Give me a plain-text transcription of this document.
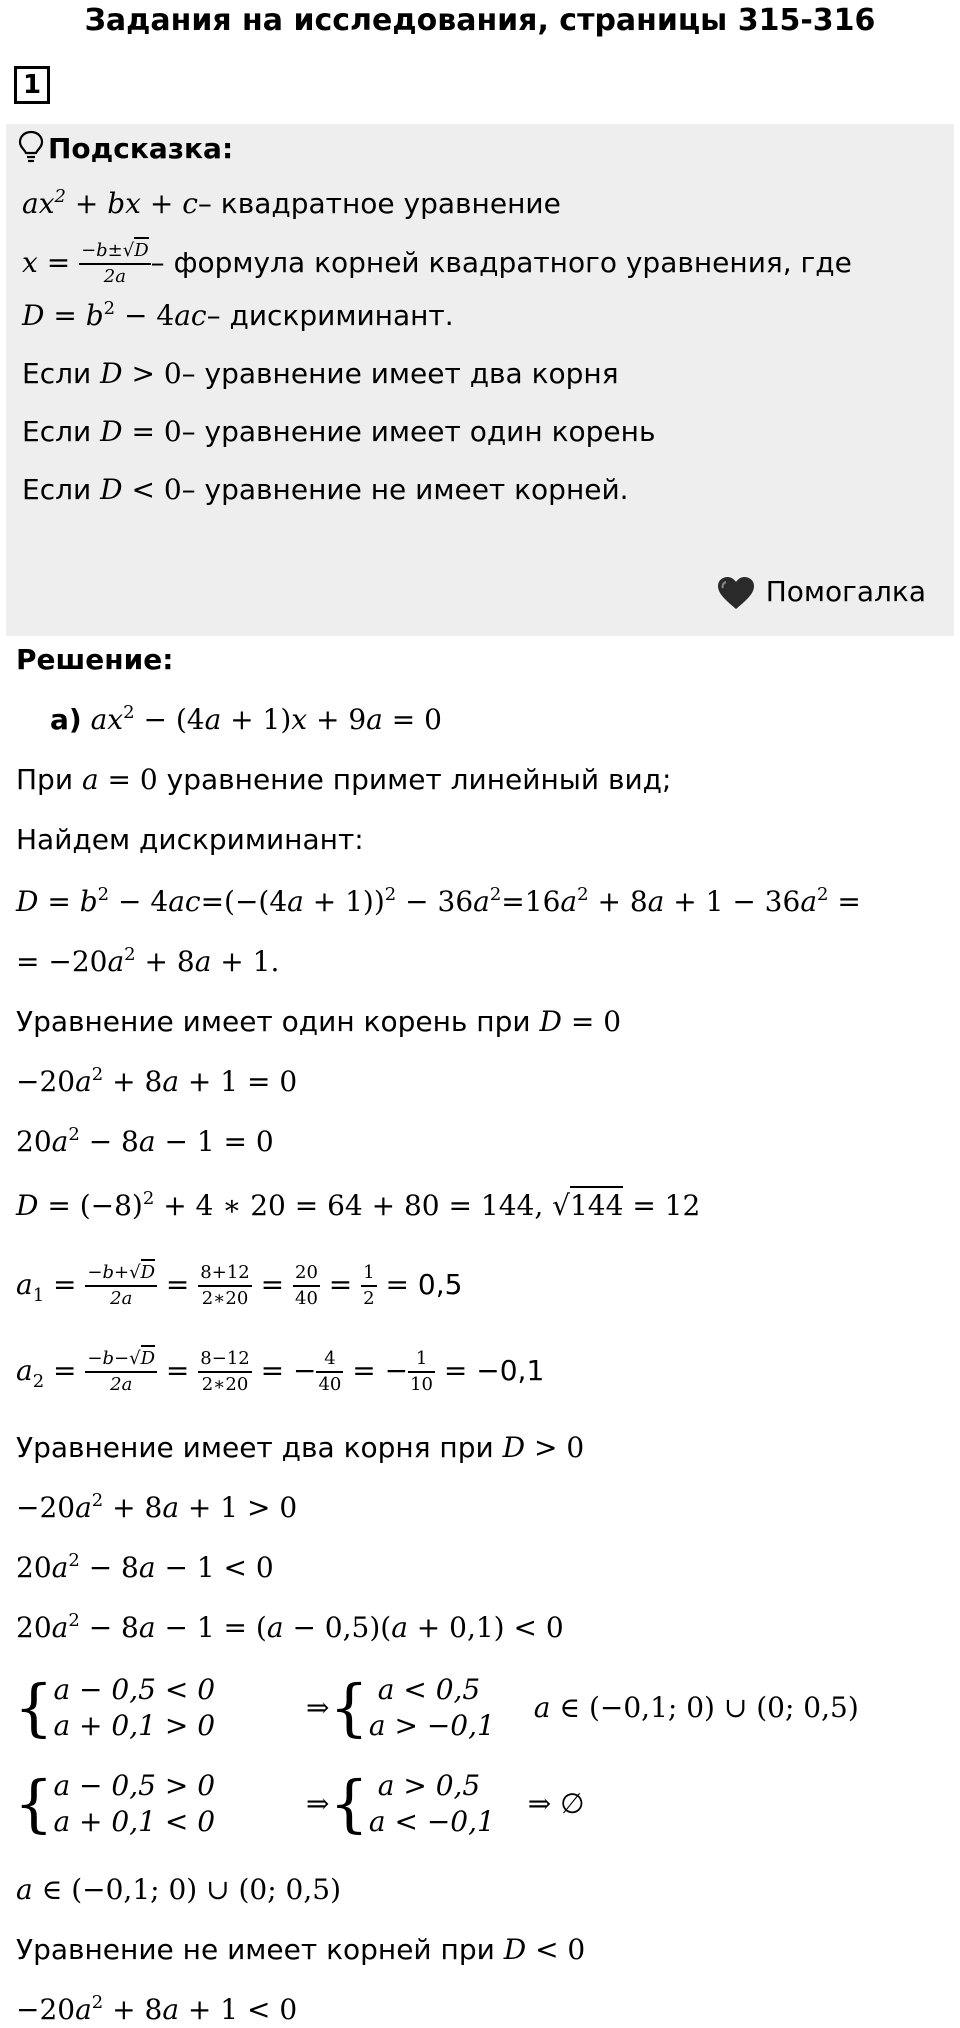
Задания на исследования, страницы 315-316
1
Подсказка:
$ax^2$ + bx + c– квадратное уравнение
$x = \frac{-b\pm√D}{2a}$ – формула корней квадратного уравнения, где
$D = b^2 - 4ac-$ дискриминант.
Если D > 0– уравнение имеет два корня
Если D = 0– уравнение имеет один корень
Если D < 0– уравнение не имеет корней.
Помогалка
Решение:
а) $ax^2 - (4a + 1)x + 9a = 0$
При a = 0 уравнение примет линейный вид;
Найдем дискриминант:
$D = b^2 - 4ac=(-(4a + 1))^2 - 36a^2=16a^2 + 8a + 1 - 36a^2$ =
= $-20a^2 + 8a + 1$.
Уравнение имеет один корень при D = 0
$-20a^2 + 8a + 1 = 0$
$20a^2 - 8a - 1 = 0$
$D = (-8)^2 + 4$ ∗ 20 = 64 + 80 = 144, √144 = 12
$a_1 = \frac{-b+√D}{2a} = \frac{8+12}{2∗20} = \frac{20}{40} = \frac{1}{2} = 0,5$
$a_2 = \frac{-b-√D}{2a} = \frac{8-12}{2∗20}$ = − $\frac{4}{40}$ = − $\frac{1}{10} = -0,1$
Уравнение имеет два корня при D > 0
$-20a^2 + 8a + 1 > 0$
$20a^2 - 8a - 1 < 0$
$20a^2 - 8a - 1 = (a - 0,5)(a + 0,1) < 0$
{a − 0,5 < 0
a + 0,1 > 0 ⇒{ a < 0,5
a > −0,1 a ∈ (−0,1; 0) ∪ (0; 0,5)
{a − 0,5 > 0
a + 0,1 < 0 ⇒{ a > 0,5
a < −0,1 ⇒ ∅
a ∈ (−0,1; 0) ∪ (0; 0,5)
Уравнение не имеет корней при D < 0
$-20a^2 + 8a + 1 < 0$
